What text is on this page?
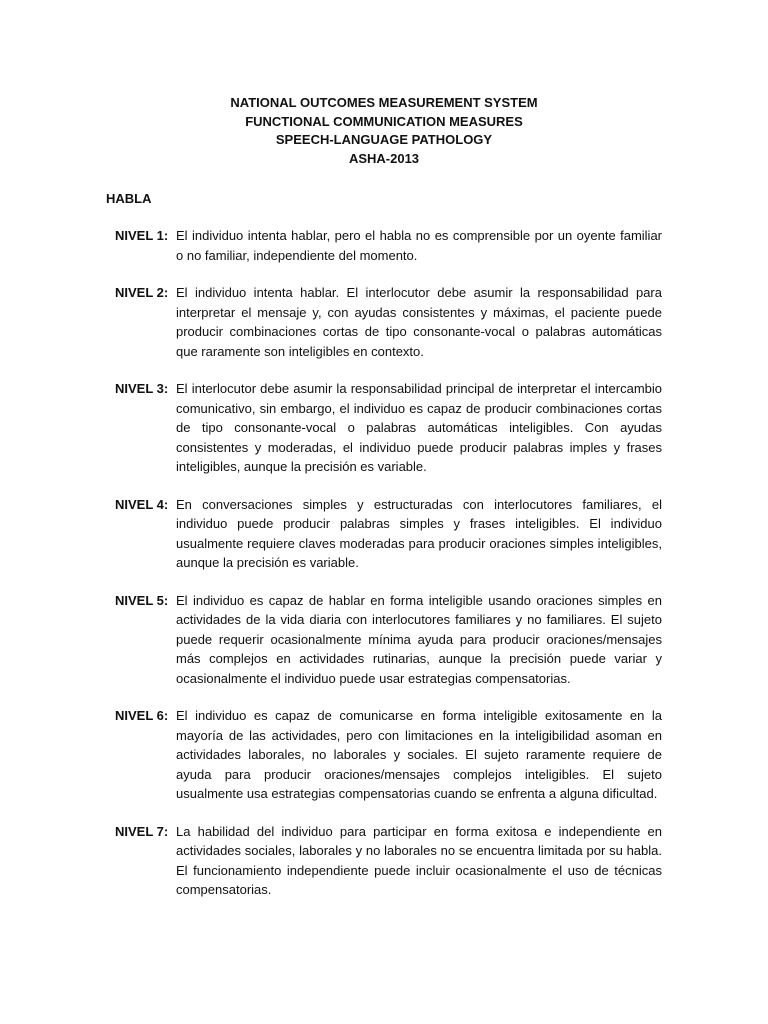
NATIONAL OUTCOMES MEASUREMENT SYSTEM
FUNCTIONAL COMMUNICATION MEASURES
SPEECH-LANGUAGE PATHOLOGY
ASHA-2013
HABLA
NIVEL 1: El individuo intenta hablar, pero el habla no es comprensible por un oyente familiar o no familiar, independiente del momento.
NIVEL 2: El individuo intenta hablar. El interlocutor debe asumir la responsabilidad para interpretar el mensaje y, con ayudas consistentes y máximas, el paciente puede producir combinaciones cortas de tipo consonante-vocal o palabras automáticas que raramente son inteligibles en contexto.
NIVEL 3: El interlocutor debe asumir la responsabilidad principal de interpretar el intercambio comunicativo, sin embargo, el individuo es capaz de producir combinaciones cortas de tipo consonante-vocal o palabras automáticas inteligibles. Con ayudas consistentes y moderadas, el individuo puede producir palabras imples y frases inteligibles, aunque la precisión es variable.
NIVEL 4: En conversaciones simples y estructuradas con interlocutores familiares, el individuo puede producir palabras simples y frases inteligibles. El individuo usualmente requiere claves moderadas para producir oraciones simples inteligibles, aunque la precisión es variable.
NIVEL 5: El individuo es capaz de hablar en forma inteligible usando oraciones simples en actividades de la vida diaria con interlocutores familiares y no familiares. El sujeto puede requerir ocasionalmente mínima ayuda para producir oraciones/mensajes más complejos en actividades rutinarias, aunque la precisión puede variar y ocasionalmente el individuo puede usar estrategias compensatorias.
NIVEL 6: El individuo es capaz de comunicarse en forma inteligible exitosamente en la mayoría de las actividades, pero con limitaciones en la inteligibilidad asoman en actividades laborales, no laborales y sociales. El sujeto raramente requiere de ayuda para producir oraciones/mensajes complejos inteligibles. El sujeto usualmente usa estrategias compensatorias cuando se enfrenta a alguna dificultad.
NIVEL 7: La habilidad del individuo para participar en forma exitosa e independiente en actividades sociales, laborales y no laborales no se encuentra limitada por su habla. El funcionamiento independiente puede incluir ocasionalmente el uso de técnicas compensatorias.
